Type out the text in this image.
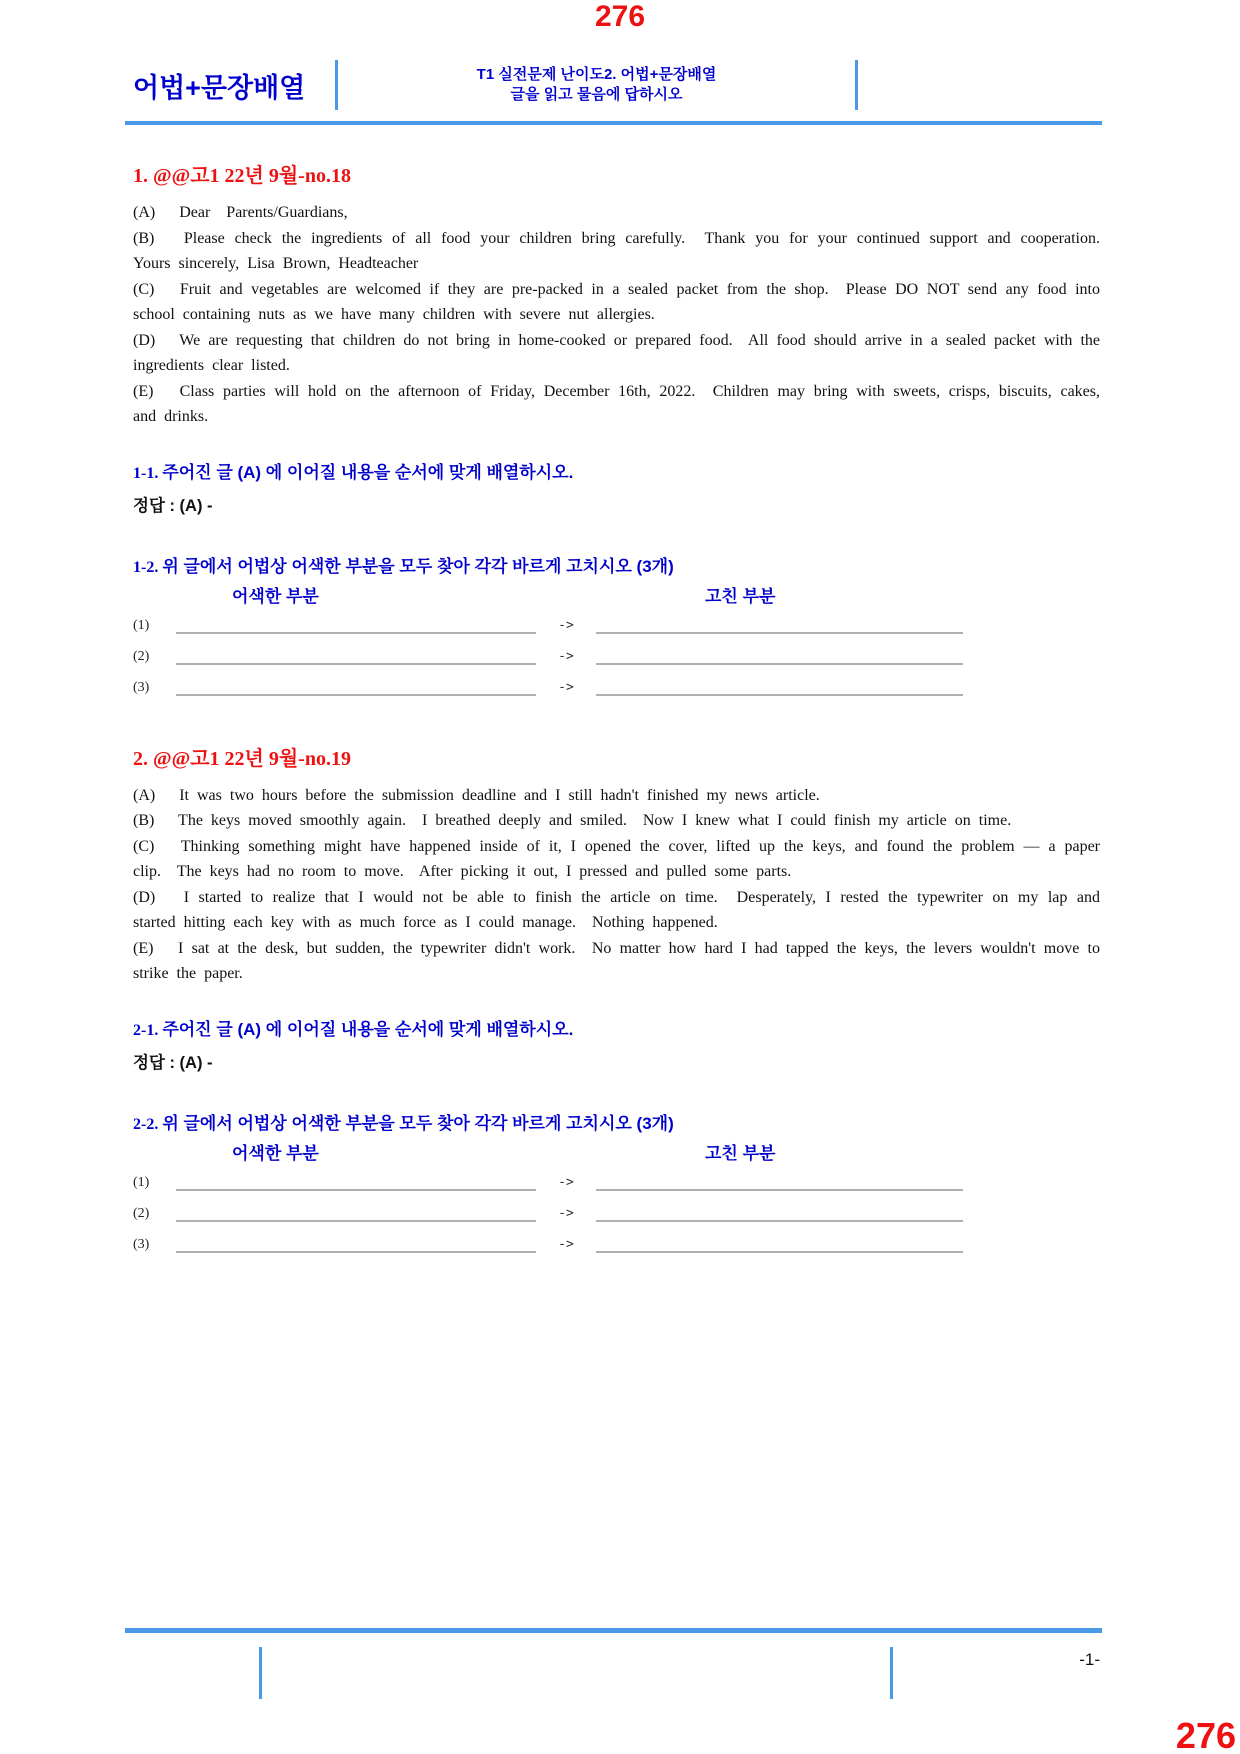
276
어법+문장배열	T1 실전문제 난이도2. 어법+문장배열
글을 읽고 물음에 답하시오
1. @@고1 22년 9월-no.18

(A)   Dear  Parents/Guardians,

(B)   Please check the ingredients of all food your children bring carefully.  Thank you for your continued support and cooperation.  Yours sincerely, Lisa Brown, Headteacher

(C)   Fruit and vegetables are welcomed if they are pre-packed in a sealed packet from the shop.  Please DO NOT send any food into school containing nuts as we have many children with severe nut allergies.

(D)   We are requesting that children do not bring in home-cooked or prepared food.  All food should arrive in a sealed packet with the ingredients clear listed.

(E)   Class parties will hold on the afternoon of Friday, December 16th, 2022.  Children may bring with sweets, crisps, biscuits, cakes, and drinks.

1-1. 주어진 글 (A) 에 이어질 내용을 순서에 맞게 배열하시오.
정답 : (A) -
1-2. 위 글에서 어법상 어색한 부분을 모두 찾아 각각 바르게 고치시오 (3개)
어색한 부분	고친 부분
(1)	->
(2)	->
(3)	->
2. @@고1 22년 9월-no.19

(A)   It was two hours before the submission deadline and I still hadn't finished my news article.

(B)   The keys moved smoothly again.  I breathed deeply and smiled.  Now I knew what I could finish my article on time.

(C)   Thinking something might have happened inside of it, I opened the cover, lifted up the keys, and found the problem — a paper clip.  The keys had no room to move.  After picking it out, I pressed and pulled some parts.

(D)   I started to realize that I would not be able to finish the article on time.  Desperately, I rested the typewriter on my lap and started hitting each key with as much force as I could manage.  Nothing happened.

(E)   I sat at the desk, but sudden, the typewriter didn't work.  No matter how hard I had tapped the keys, the levers wouldn't move to strike the paper.

2-1. 주어진 글 (A) 에 이어질 내용을 순서에 맞게 배열하시오.
정답 : (A) -
2-2. 위 글에서 어법상 어색한 부분을 모두 찾아 각각 바르게 고치시오 (3개)
어색한 부분	고친 부분
(1)	->
(2)	->
(3)	->
-1-
276
